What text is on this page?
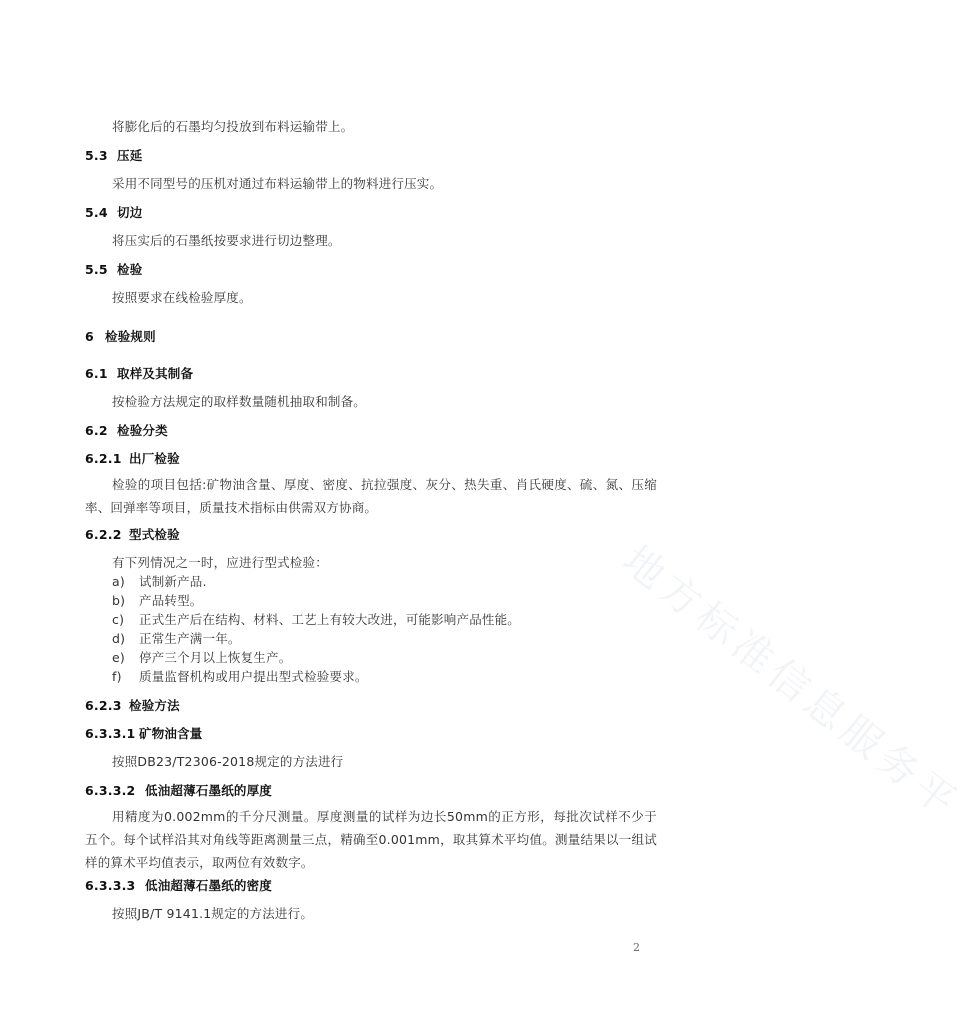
地方标准信息服务平
将膨化后的石墨均匀投放到布料运输带上。
5.3 压延
采用不同型号的压机对通过布料运输带上的物料进行压实。
5.4 切边
将压实后的石墨纸按要求进行切边整理。
5.5 检验
按照要求在线检验厚度。
6 检验规则
6.1 取样及其制备
按检验方法规定的取样数量随机抽取和制备。
6.2 检验分类
6.2.1 出厂检验
检验的项目包括:矿物油含量、厚度、密度、抗拉强度、灰分、热失重、肖氏硬度、硫、氮、压缩率、回弹率等项目，质量技术指标由供需双方协商。
6.2.2 型式检验
有下列情况之一时，应进行型式检验：
a) 试制新产品.
b) 产品转型。
c) 正式生产后在结构、材料、工艺上有较大改进，可能影响产品性能。
d) 正常生产满一年。
e) 停产三个月以上恢复生产。
f) 质量监督机构或用户提出型式检验要求。
6.2.3 检验方法
6.3.3.1 矿物油含量
按照DB23/T2306-2018规定的方法进行
6.3.3.2 低油超薄石墨纸的厚度
用精度为0.002mm的千分尺测量。厚度测量的试样为边长50mm的正方形，每批次试样不少于五个。每个试样沿其对角线等距离测量三点，精确至0.001mm，取其算术平均值。测量结果以一组试样的算术平均值表示，取两位有效数字。
6.3.3.3 低油超薄石墨纸的密度
按照JB/T 9141.1规定的方法进行。
2
